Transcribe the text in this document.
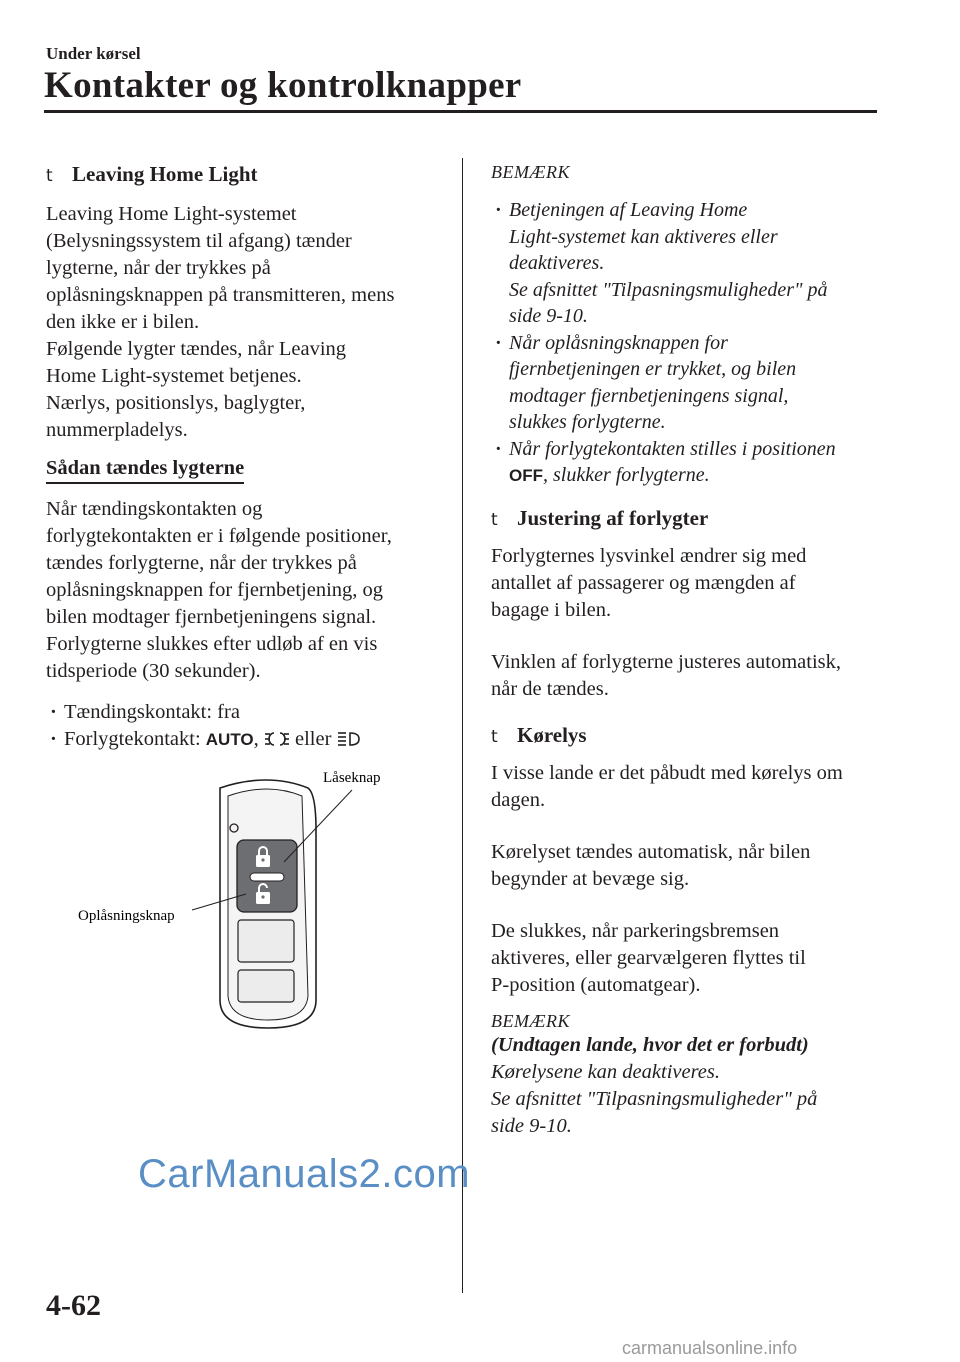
Under kørsel
Kontakter og kontrolknapper
t Leaving Home Light
Leaving Home Light-systemet
(Belysningssystem til afgang) tænder
lygterne, når der trykkes på
oplåsningsknappen på transmitteren, mens
den ikke er i bilen.
Følgende lygter tændes, når Leaving
Home Light-systemet betjenes.
Nærlys, positionslys, baglygter,
nummerpladelys.
Sådan tændes lygterne
Når tændingskontakten og
forlygtekontakten er i følgende positioner,
tændes forlygterne, når der trykkes på
oplåsningsknappen for fjernbetjening, og
bilen modtager fjernbetjeningens signal.
Forlygterne slukkes efter udløb af en vis
tidsperiode (30 sekunder).
· Tændingskontakt: fra
· Forlygtekontakt: AUTO,  eller
Låseknap
Oplåsningsknap
BEMÆRK
· Betjeningen af Leaving Home
Light-systemet kan aktiveres eller
deaktiveres.
Se afsnittet "Tilpasningsmuligheder" på
side 9-10.
· Når oplåsningsknappen for
fjernbetjeningen er trykket, og bilen
modtager fjernbetjeningens signal,
slukkes forlygterne.
· Når forlygtekontakten stilles i positionen
OFF, slukker forlygterne.
t Justering af forlygter
Forlygternes lysvinkel ændrer sig med
antallet af passagerer og mængden af
bagage i bilen.
Vinklen af forlygterne justeres automatisk,
når de tændes.
t Kørelys
I visse lande er det påbudt med kørelys om
dagen.
Kørelyset tændes automatisk, når bilen
begynder at bevæge sig.
De slukkes, når parkeringsbremsen
aktiveres, eller gearvælgeren flyttes til
P-position (automatgear).
BEMÆRK
(Undtagen lande, hvor det er forbudt)
Kørelysene kan deaktiveres.
Se afsnittet "Tilpasningsmuligheder" på
side 9-10.
CarManuals2.com
4-62
carmanualsonline.info
